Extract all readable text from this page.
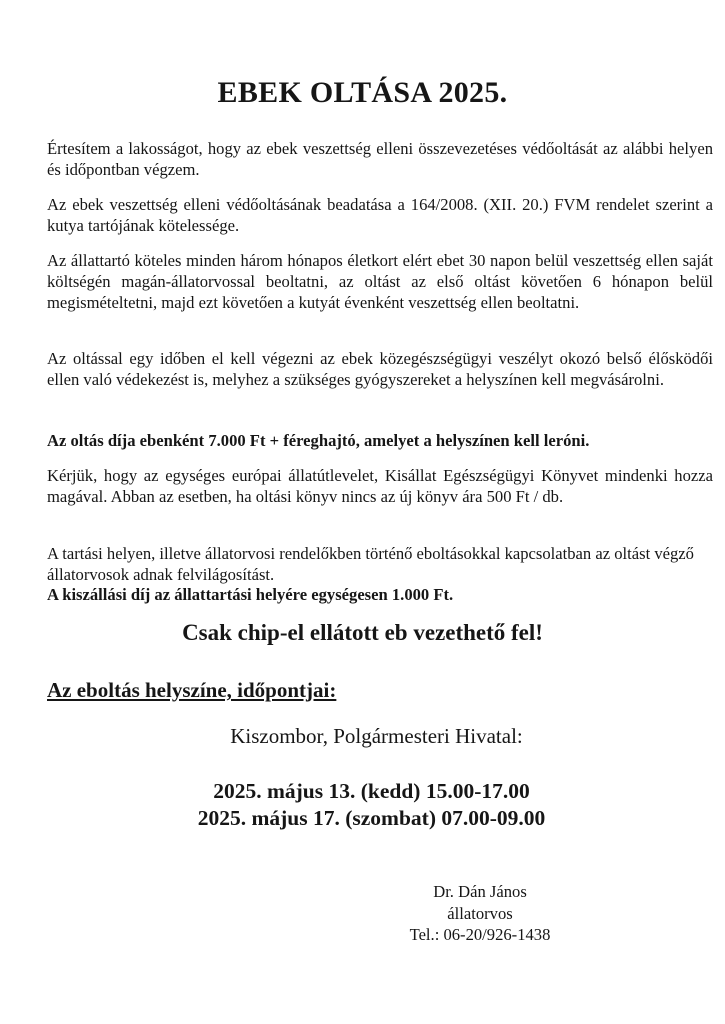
EBEK OLTÁSA 2025.

Értesítem a lakosságot, hogy az ebek veszettség elleni összevezetéses védőoltását az alábbi helyen és időpontban végzem.

Az ebek veszettség elleni védőoltásának beadatása a 164/2008. (XII. 20.) FVM rendelet szerint a kutya tartójának kötelessége.

Az állattartó köteles minden három hónapos életkort elért ebet 30 napon belül veszettség ellen saját költségén magán-állatorvossal beoltatni, az oltást az első oltást követően 6 hónapon belül megismételtetni, majd ezt követően a kutyát évenként veszettség ellen beoltatni.

Az oltással egy időben el kell végezni az ebek közegészségügyi veszélyt okozó belső élősködői ellen való védekezést is, melyhez a szükséges gyógyszereket a helyszínen kell megvásárolni.

Az oltás díja ebenként 7.000 Ft + féreghajtó, amelyet a helyszínen kell leróni.

Kérjük, hogy az egységes európai állatútlevelet, Kisállat Egészségügyi Könyvet mindenki hozza magával. Abban az esetben, ha oltási könyv nincs az új könyv ára 500 Ft / db.

A tartási helyen, illetve állatorvosi rendelőkben történő eboltásokkal kapcsolatban az oltást végző állatorvosok adnak felvilágosítást.

A kiszállási díj az állattartási helyére egységesen 1.000 Ft.

Csak chip-el ellátott eb vezethető fel!

Az eboltás helyszíne, időpontjai:

Kiszombor, Polgármesteri Hivatal:

2025. május 13. (kedd) 15.00-17.00
2025. május 17. (szombat) 07.00-09.00
Dr. Dán János
állatorvos
Tel.: 06-20/926-1438
